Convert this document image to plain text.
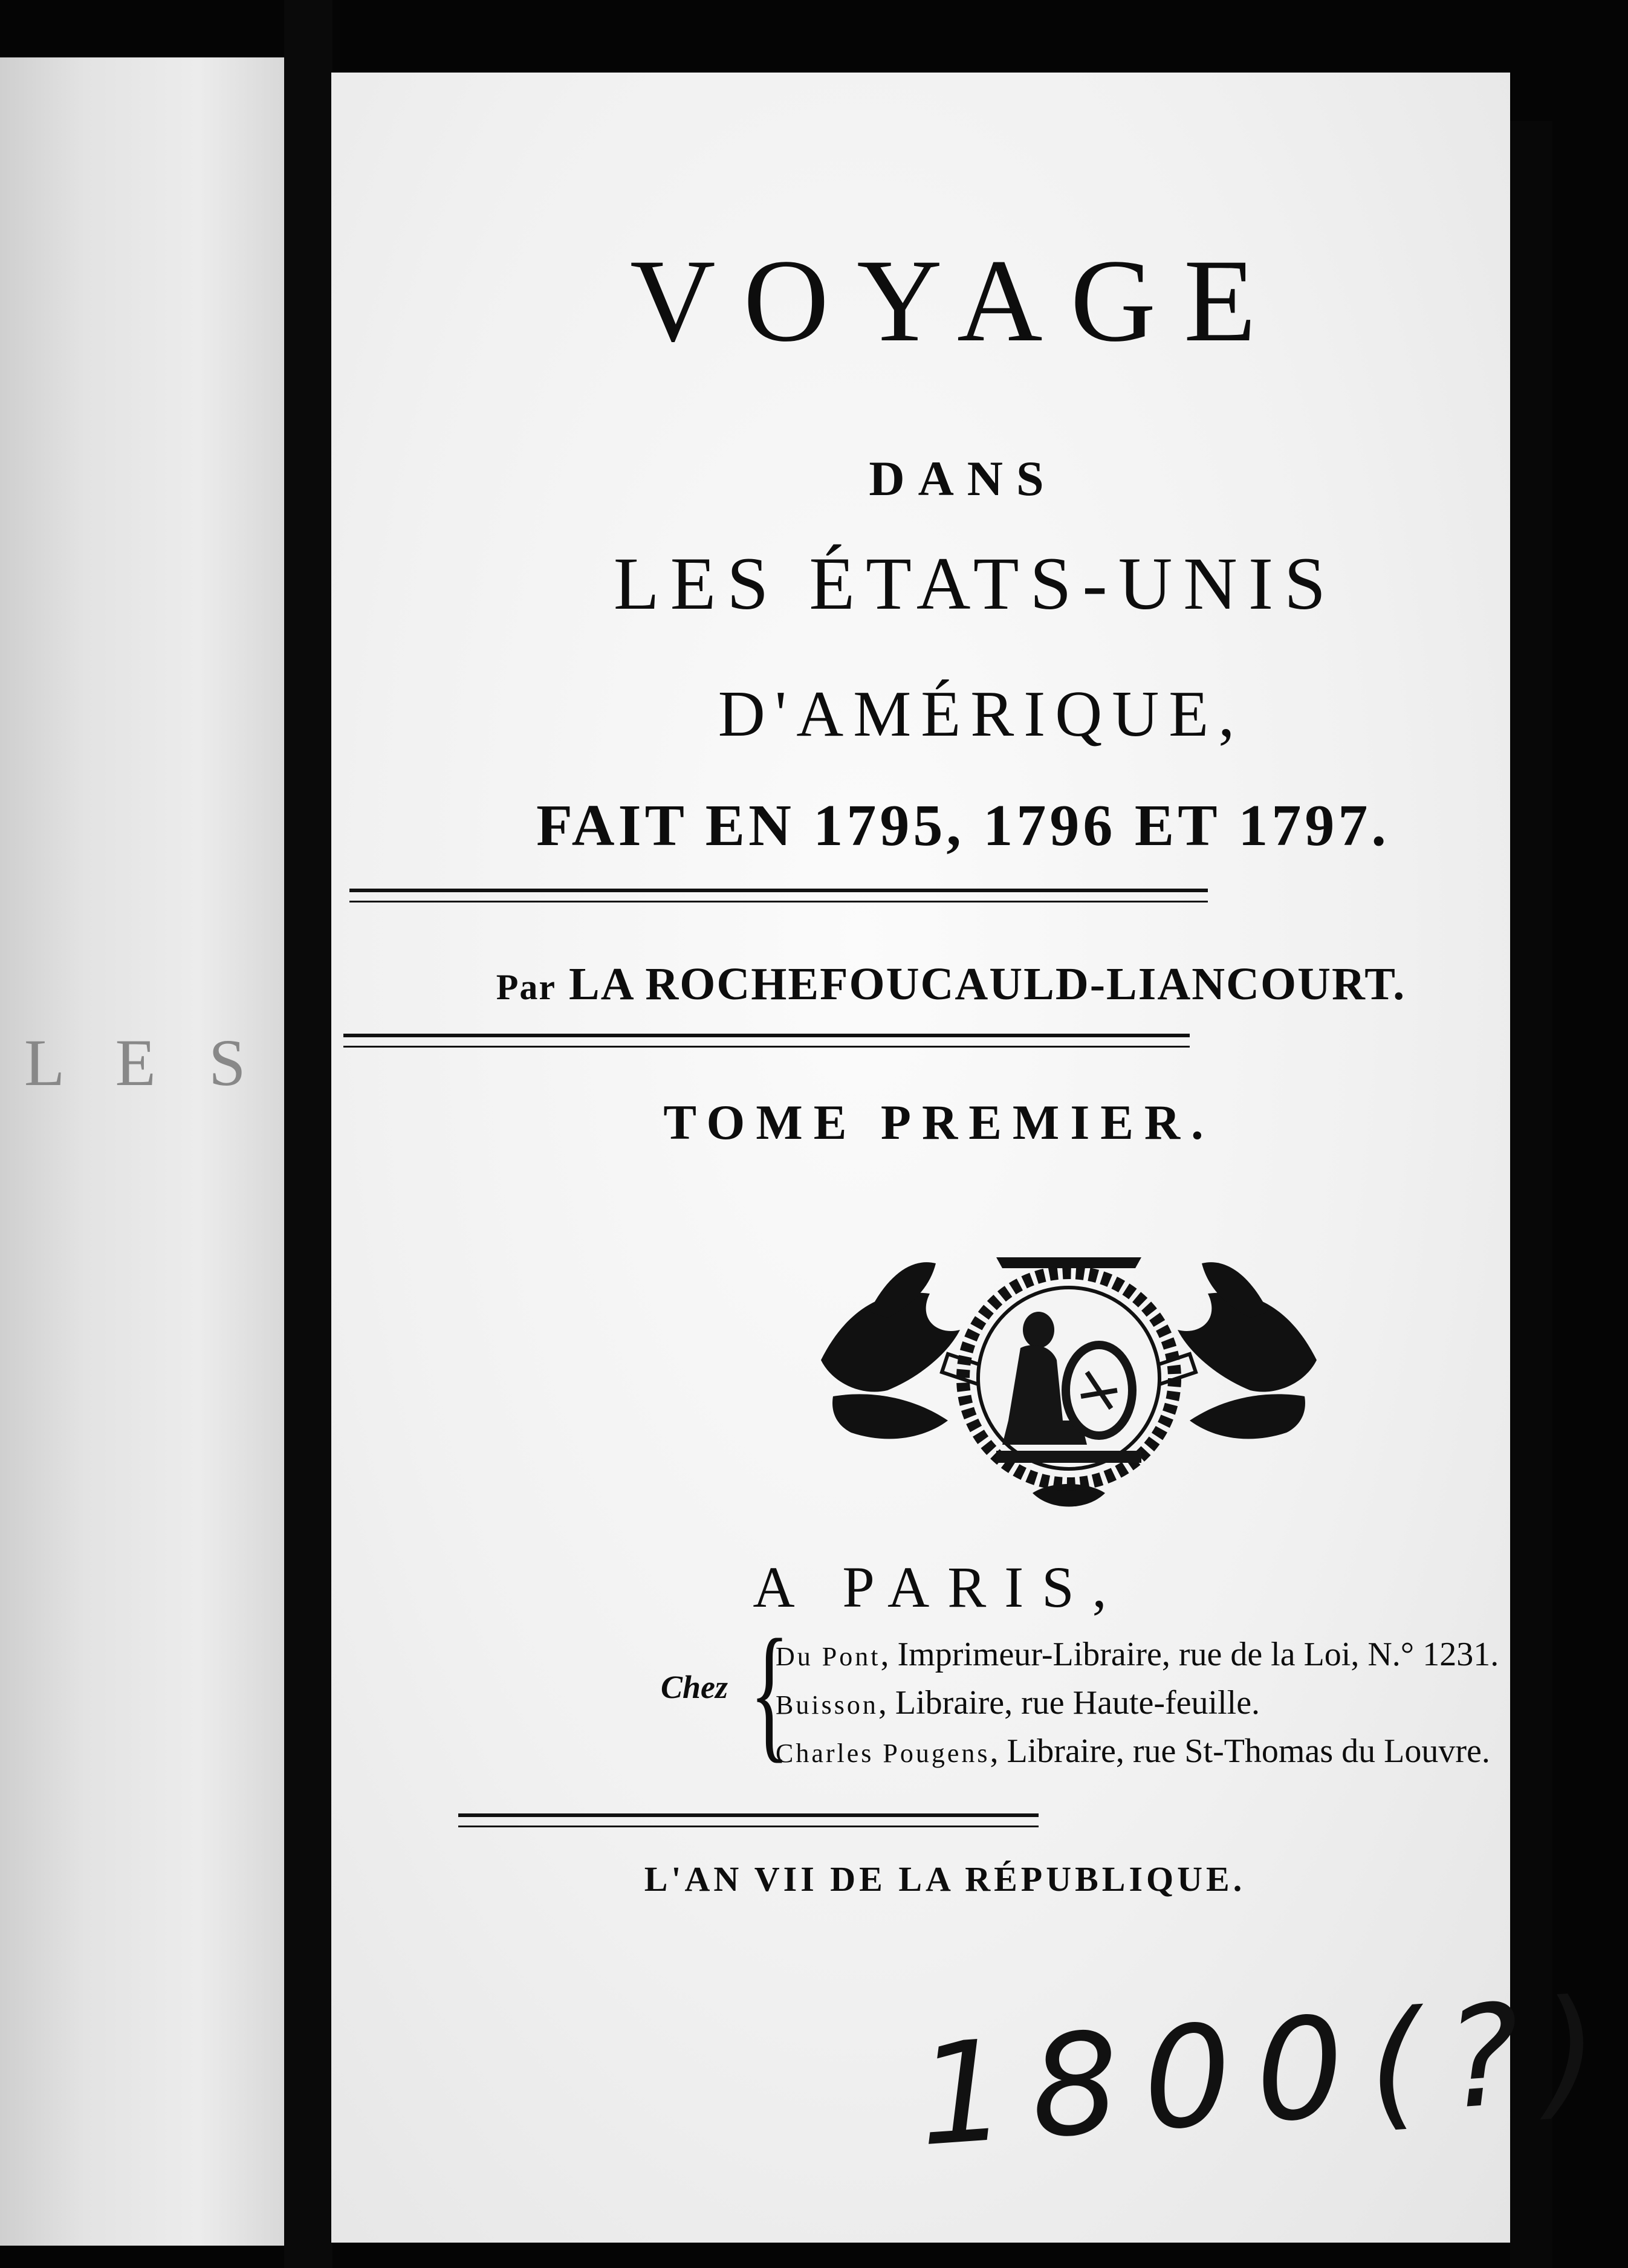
L E S
VOYAGE
DANS
LES ÉTATS-UNIS
D'AMÉRIQUE,
FAIT EN 1795, 1796 ET 1797.
Par LA ROCHEFOUCAULD-LIANCOURT.
TOME PREMIER.
A PARIS,
Chez {
Du Pont, Imprimeur-Libraire, rue de la Loi, N.° 1231.
Buisson, Libraire, rue Haute-feuille.
Charles Pougens, Libraire, rue St-Thomas du Louvre.
L'AN VII DE LA RÉPUBLIQUE.
1800(?)
